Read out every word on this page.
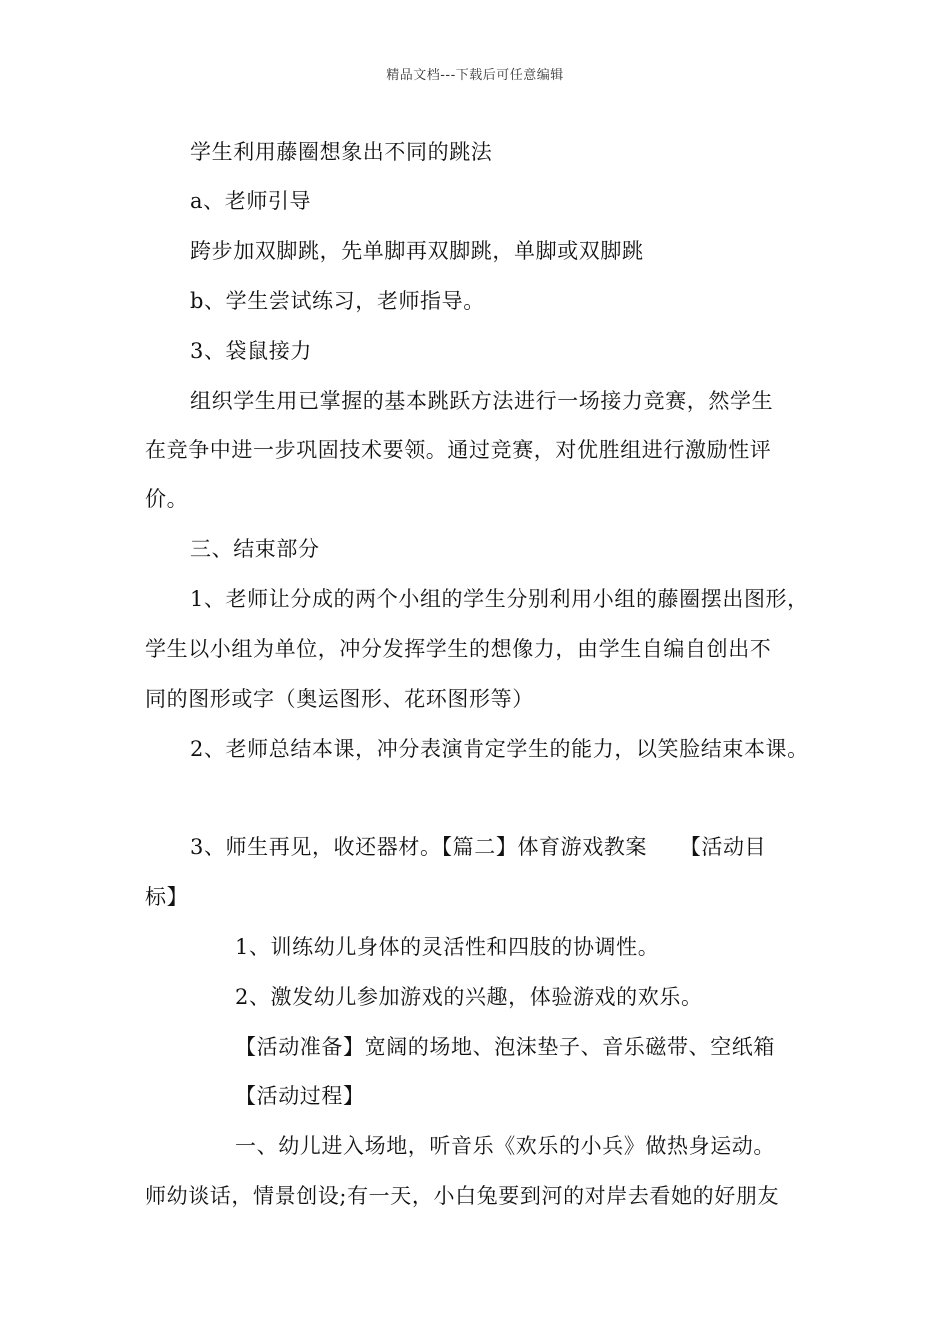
精品文档---下载后可任意编辑
学生利用藤圈想象出不同的跳法
a、老师引导
跨步加双脚跳，先单脚再双脚跳，单脚或双脚跳
b、学生尝试练习，老师指导。
3、袋鼠接力
组织学生用已掌握的基本跳跃方法进行一场接力竞赛，然学生
在竞争中进一步巩固技术要领。通过竞赛，对优胜组进行激励性评
价。
三、结束部分
1、老师让分成的两个小组的学生分别利用小组的藤圈摆出图形，
学生以小组为单位，冲分发挥学生的想像力，由学生自编自创出不
同的图形或字（奥运图形、花环图形等）
2、老师总结本课，冲分表演肯定学生的能力，以笑脸结束本课。
3、师生再见，收还器材。【篇二】体育游戏教案　　【活动目
标】
1、训练幼儿身体的灵活性和四肢的协调性。
2、激发幼儿参加游戏的兴趣，体验游戏的欢乐。
【活动准备】宽阔的场地、泡沫垫子、音乐磁带、空纸箱
【活动过程】
一、幼儿进入场地，听音乐《欢乐的小兵》做热身运动。
师幼谈话，情景创设;有一天，小白兔要到河的对岸去看她的好朋友
